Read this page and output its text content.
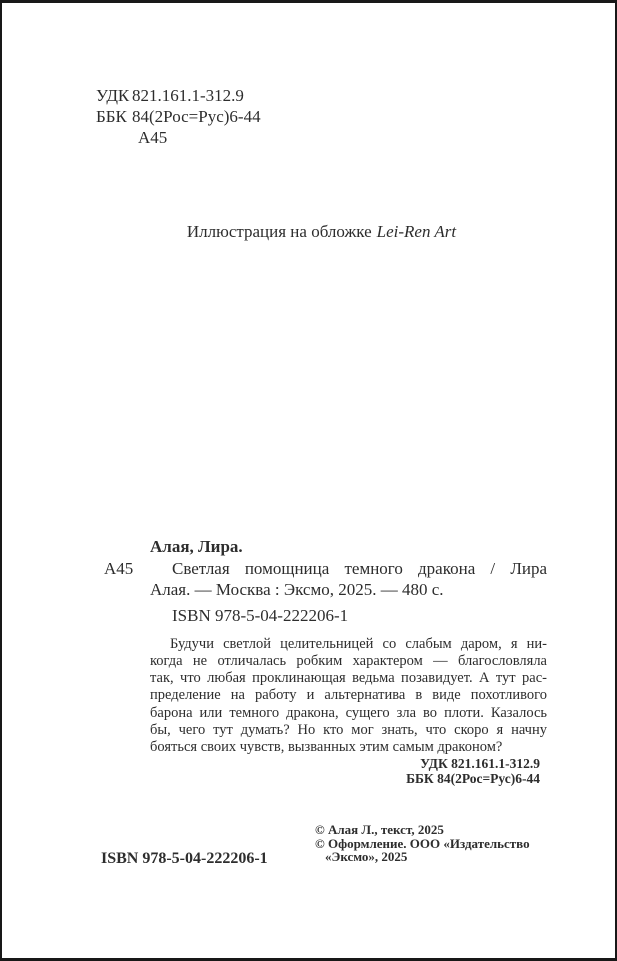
УДК 821.161.1-312.9
ББК 84(2Рос=Рус)6-44
А45
Иллюстрация на обложке Lei-Ren Art
А45
Алая, Лира.
Светлая помощница темного дракона / Лира
Алая. — Москва : Эксмо, 2025. — 480 с.
ISBN 978-5-04-222206-1
Будучи светлой целительницей со слабым даром, я ни-
когда не отличалась робким характером — благословляла
так, что любая проклинающая ведьма позавидует. А тут рас-
пределение на работу и альтернатива в виде похотливого
барона или темного дракона, сущего зла во плоти. Казалось
бы, чего тут думать? Но кто мог знать, что скоро я начну
бояться своих чувств, вызванных этим самым драконом?
УДК 821.161.1-312.9
ББК 84(2Рос=Рус)6-44
© Алая Л., текст, 2025
© Оформление. ООО «Издательство
«Эксмо», 2025
ISBN 978-5-04-222206-1
